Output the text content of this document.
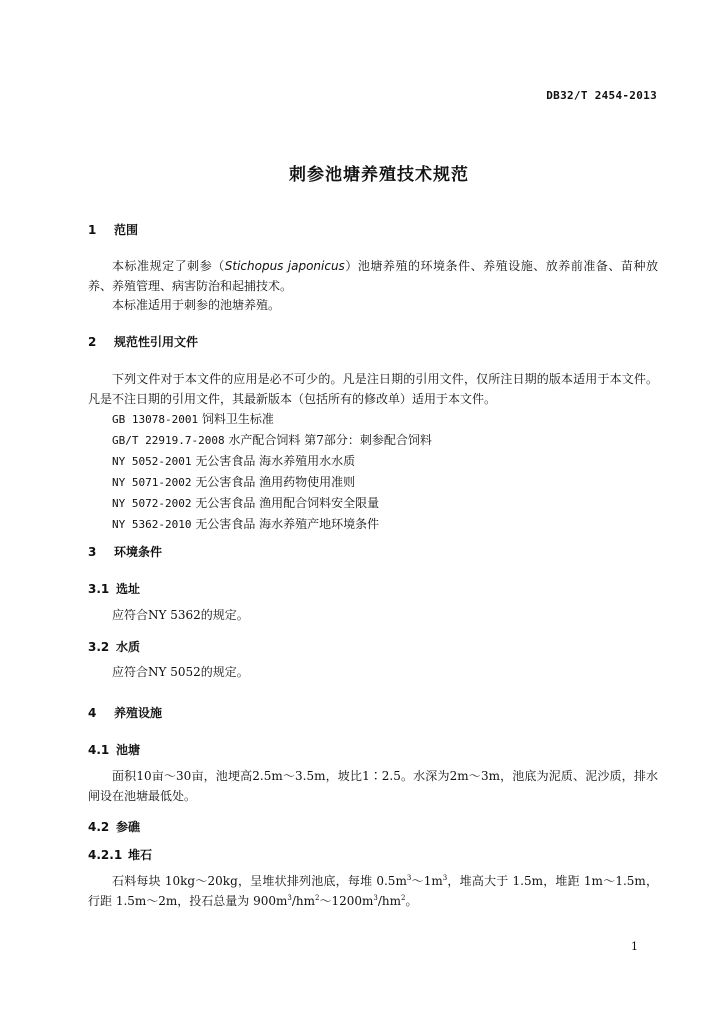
DB32/T 2454-2013
刺参池塘养殖技术规范
1 范围
本标准规定了刺参（Stichopus japonicus）池塘养殖的环境条件、养殖设施、放养前准备、苗种放养、养殖管理、病害防治和起捕技术。
本标准适用于刺参的池塘养殖。
2 规范性引用文件
下列文件对于本文件的应用是必不可少的。凡是注日期的引用文件，仅所注日期的版本适用于本文件。凡是不注日期的引用文件，其最新版本（包括所有的修改单）适用于本文件。
GB 13078-2001 饲料卫生标准
GB/T 22919.7-2008 水产配合饲料 第7部分：刺参配合饲料
NY 5052-2001 无公害食品 海水养殖用水水质
NY 5071-2002 无公害食品 渔用药物使用准则
NY 5072-2002 无公害食品 渔用配合饲料安全限量
NY 5362-2010 无公害食品 海水养殖产地环境条件
3 环境条件
3.1 选址
应符合NY 5362的规定。
3.2 水质
应符合NY 5052的规定。
4 养殖设施
4.1 池塘
面积10亩～30亩，池埂高2.5m～3.5m，坡比1∶2.5。水深为2m～3m，池底为泥质、泥沙质，排水闸设在池塘最低处。
4.2 参礁
4.2.1 堆石
石料每块 10kg～20kg，呈堆状排列池底，每堆 $0.5m^3\sim 1m^3$，堆高大于 1.5m，堆距 1m～1.5m，行距 1.5m～2m，投石总量为 $900m^3/hm^2\sim 1200m^3/hm^2$。
1
